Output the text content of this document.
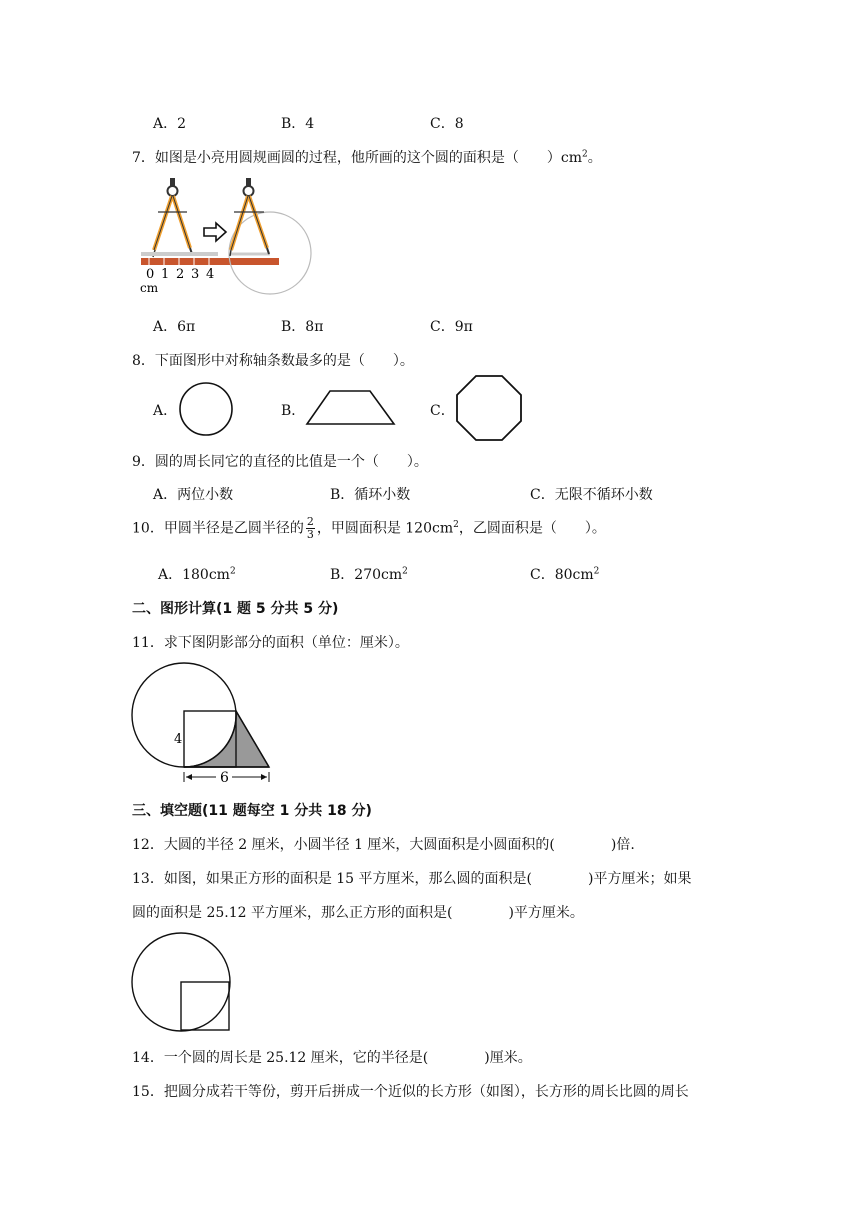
A．2	B．4	C．8
7．如图是小亮用圆规画圆的过程，他所画的这个圆的面积是（　　）$cm^2$。
0 1 2 3 4
cm
A．6π	B．8π	C．9π
8．下面图形中对称轴条数最多的是（　　）。
A．	B．	C．
9．圆的周长同它的直径的比值是一个（　　）。
A．两位小数	B．循环小数	C．无限不循环小数
10．甲圆半径是乙圆半径的 $\frac{2}{3}$ ，甲圆面积是 $120cm^2$，乙圆面积是（　　）。
A．$180cm^2$	B．$270cm^2$	C．$80cm^2$
二、图形计算(1 题 5 分共 5 分)
11．求下图阴影部分的面积（单位：厘米）。
4
6
三、填空题(11 题每空 1 分共 18 分)
12．大圆的半径 2 厘米，小圆半径 1 厘米，大圆面积是小圆面积的(　　　　)倍.
13．如图，如果正方形的面积是 15 平方厘米，那么圆的面积是(　　　　)平方厘米；如果
圆的面积是 25.12 平方厘米，那么正方形的面积是(　　　　)平方厘米。
14．一个圆的周长是 25.12 厘米，它的半径是(　　　　)厘米。
15．把圆分成若干等份，剪开后拼成一个近似的长方形（如图），长方形的周长比圆的周长
